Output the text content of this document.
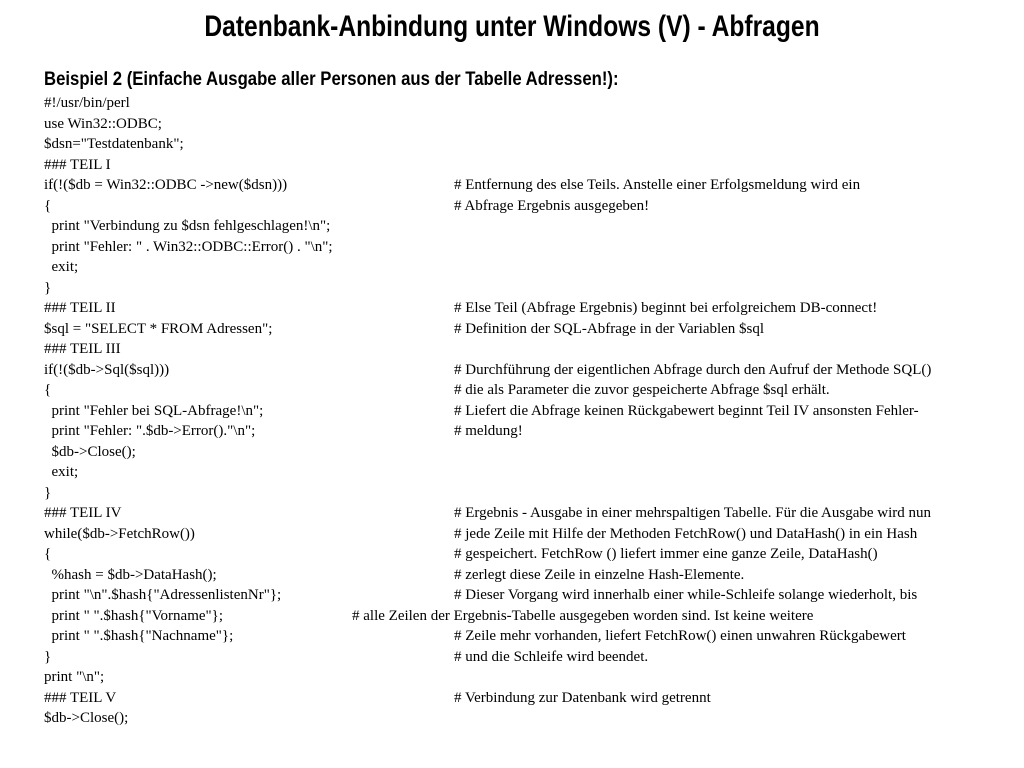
Datenbank-Anbindung unter Windows (V) - Abfragen
Beispiel 2 (Einfache Ausgabe aller Personen aus der Tabelle Adressen!):
#!/usr/bin/perl
use Win32::ODBC;
$dsn="Testdatenbank";
### TEIL I
if(!($db = Win32::ODBC ->new($dsn)))	# Entfernung des else Teils. Anstelle einer Erfolgsmeldung wird ein
{	# Abfrage Ergebnis ausgegeben!
print "Verbindung zu $dsn fehlgeschlagen!\n";
print "Fehler: " . Win32::ODBC::Error() . "\n";
exit;
}
### TEIL II	# Else Teil (Abfrage Ergebnis) beginnt bei erfolgreichem DB-connect!
$sql = "SELECT * FROM Adressen";	# Definition der SQL-Abfrage in der Variablen $sql
### TEIL III
if(!($db->Sql($sql)))	# Durchführung der eigentlichen Abfrage durch den Aufruf der Methode SQL()
{	# die als Parameter die zuvor gespeicherte Abfrage $sql erhält.
print "Fehler bei SQL-Abfrage!\n";	# Liefert die Abfrage keinen Rückgabewert beginnt Teil IV ansonsten Fehler-
print "Fehler: ".$db->Error()."\n";	# meldung!
$db->Close();
exit;
}
### TEIL IV	# Ergebnis - Ausgabe in einer mehrspaltigen Tabelle. Für die Ausgabe wird nun
while($db->FetchRow())	# jede Zeile mit Hilfe der Methoden FetchRow() und DataHash() in ein Hash
{	# gespeichert. FetchRow () liefert immer eine ganze Zeile, DataHash()
%hash = $db->DataHash();	# zerlegt diese Zeile in einzelne Hash-Elemente.
print "\n".$hash{"AdressenlistenNr"};	# Dieser Vorgang wird innerhalb einer while-Schleife solange wiederholt, bis
print " ".$hash{"Vorname"};	# alle Zeilen der Ergebnis-Tabelle ausgegeben worden sind. Ist keine weitere
print " ".$hash{"Nachname"};	# Zeile mehr vorhanden, liefert FetchRow() einen unwahren Rückgabewert
}	# und die Schleife wird beendet.
print "\n";
### TEIL V	# Verbindung zur Datenbank wird getrennt
$db->Close();
